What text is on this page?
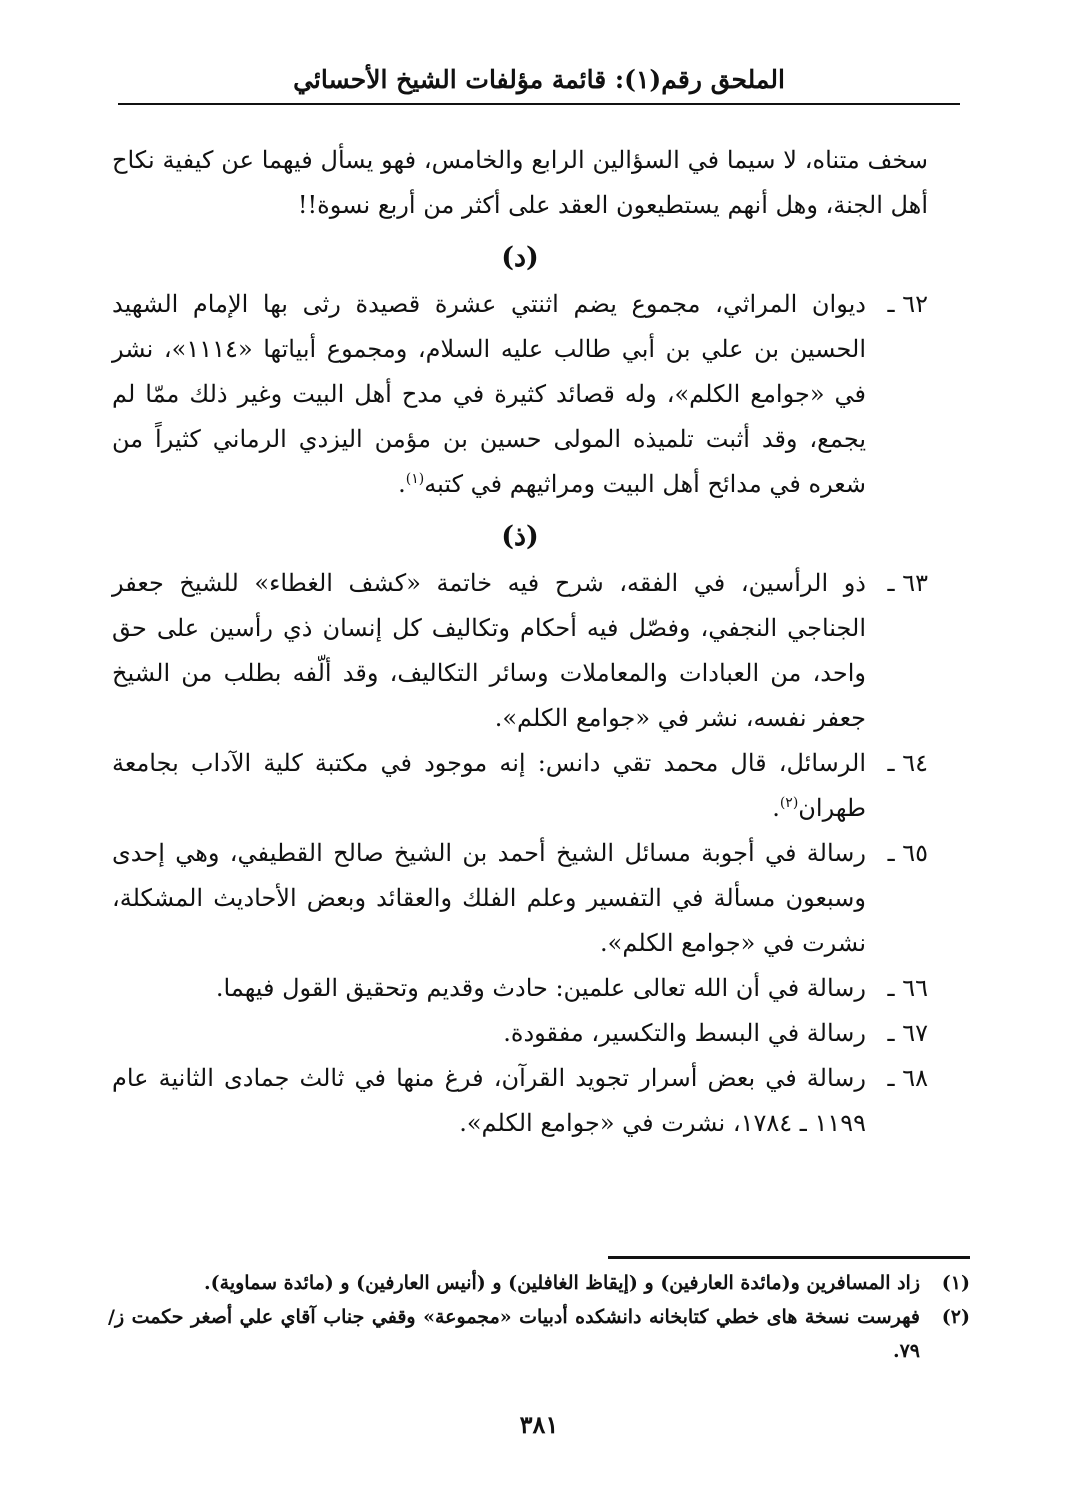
الملحق رقم(١): قائمة مؤلفات الشيخ الأحسائي

سخف متناه، لا سيما في السؤالين الرابع والخامس، فهو يسأل فيهما عن كيفية نكاح أهل الجنة، وهل أنهم يستطيعون العقد على أكثر من أربع نسوة!!

(د)

٦٢ ـديوان المراثي، مجموع يضم اثنتي عشرة قصيدة رثى بها الإمام الشهيد الحسين بن علي بن أبي طالب عليه السلام، ومجموع أبياتها «١١١٤»، نشر في «جوامع الكلم»، وله قصائد كثيرة في مدح أهل البيت وغير ذلك ممّا لم يجمع، وقد أثبت تلميذه المولى حسين بن مؤمن اليزدي الرماني كثيراً من شعره في مدائح أهل البيت ومراثيهم في كتبه$^{(١)}$.

(ذ)

٦٣ ـذو الرأسين، في الفقه، شرح فيه خاتمة «كشف الغطاء» للشيخ جعفر الجناجي النجفي، وفصّل فيه أحكام وتكاليف كل إنسان ذي رأسين على حق واحد، من العبادات والمعاملات وسائر التكاليف، وقد ألّفه بطلب من الشيخ جعفر نفسه، نشر في «جوامع الكلم».

٦٤ ـالرسائل، قال محمد تقي دانس: إنه موجود في مكتبة كلية الآداب بجامعة طهران$^{(٢)}$.

٦٥ ـرسالة في أجوبة مسائل الشيخ أحمد بن الشيخ صالح القطيفي، وهي إحدى وسبعون مسألة في التفسير وعلم الفلك والعقائد وبعض الأحاديث المشكلة، نشرت في «جوامع الكلم».

٦٦ ـرسالة في أن الله تعالى علمين: حادث وقديم وتحقيق القول فيهما.

٦٧ ـرسالة في البسط والتكسير، مفقودة.

٦٨ ـرسالة في بعض أسرار تجويد القرآن، فرغ منها في ثالث جمادى الثانية عام ١١٩٩ ـ ١٧٨٤، نشرت في «جوامع الكلم».

(١)زاد المسافرين و(مائدة العارفين) و (إيقاظ الغافلين) و (أنيس العارفين) و (مائدة سماوية).

(٢)فهرست نسخة هاى خطي كتابخانه دانشكده أدبيات «مجموعة» وقفي جناب آقاي علي أصغر حكمت ز/٧٩.

٣٨١
